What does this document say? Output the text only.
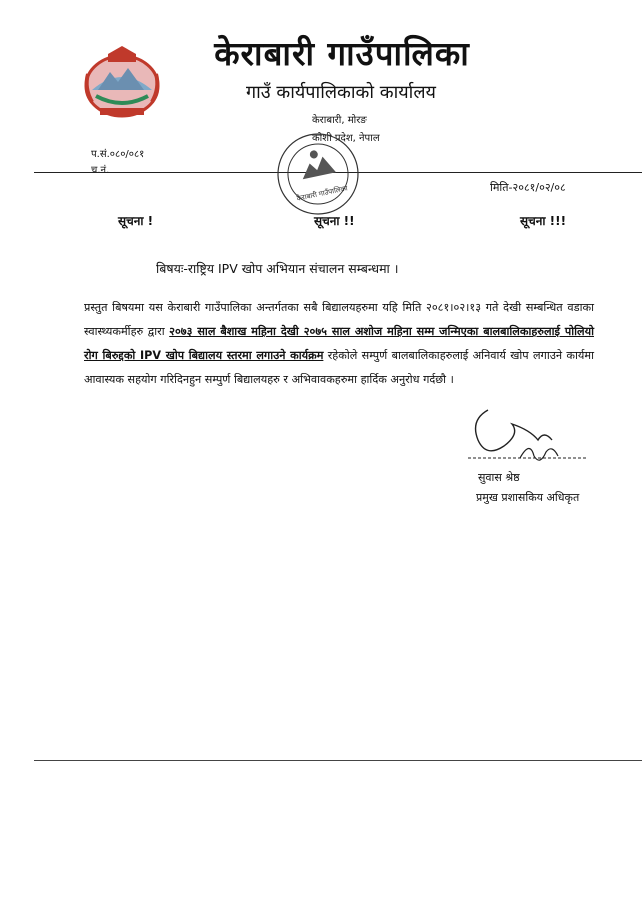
केराबारी गाउँपालिका
गाउँ कार्यपालिकाको कार्यालय
केराबारी, मोरङ
कोशी प्रदेश, नेपाल
प.सं.०८०/०८१
च.नं.
केराबारी गाउँपालिका	मिति-२०८१/०२/०८
सूचना !	सूचना !!	सूचना !!!
बिषयः-राष्ट्रिय IPV खोप अभियान संचालन सम्बन्धमा ।
प्रस्तुत बिषयमा यस केराबारी गाउँपालिका अन्तर्गतका सबै बिद्यालयहरुमा यहि मिति २०८१।०२।१३ गते देखी सम्बन्धित वडाका स्वास्थ्यकर्मीहरु द्वारा २०७३ साल बैशाख महिना देखी २०७५ साल अशोज महिना सम्म जन्मिएका बालबालिकाहरुलाई पोलियो रोग बिरुद्दको IPV खोप बिद्यालय स्तरमा लगाउने कार्यक्रम रहेकोले सम्पुर्ण बालबालिकाहरुलाई अनिवार्य खोप लगाउने कार्यमा आवास्यक सहयोग गरिदिनहुन सम्पुर्ण बिद्यालयहरु र अभिवावकहरुमा हार्दिक अनुरोध गर्दछौ ।
सुवास श्रेष्ठ
प्रमुख प्रशासकिय अधिकृत
